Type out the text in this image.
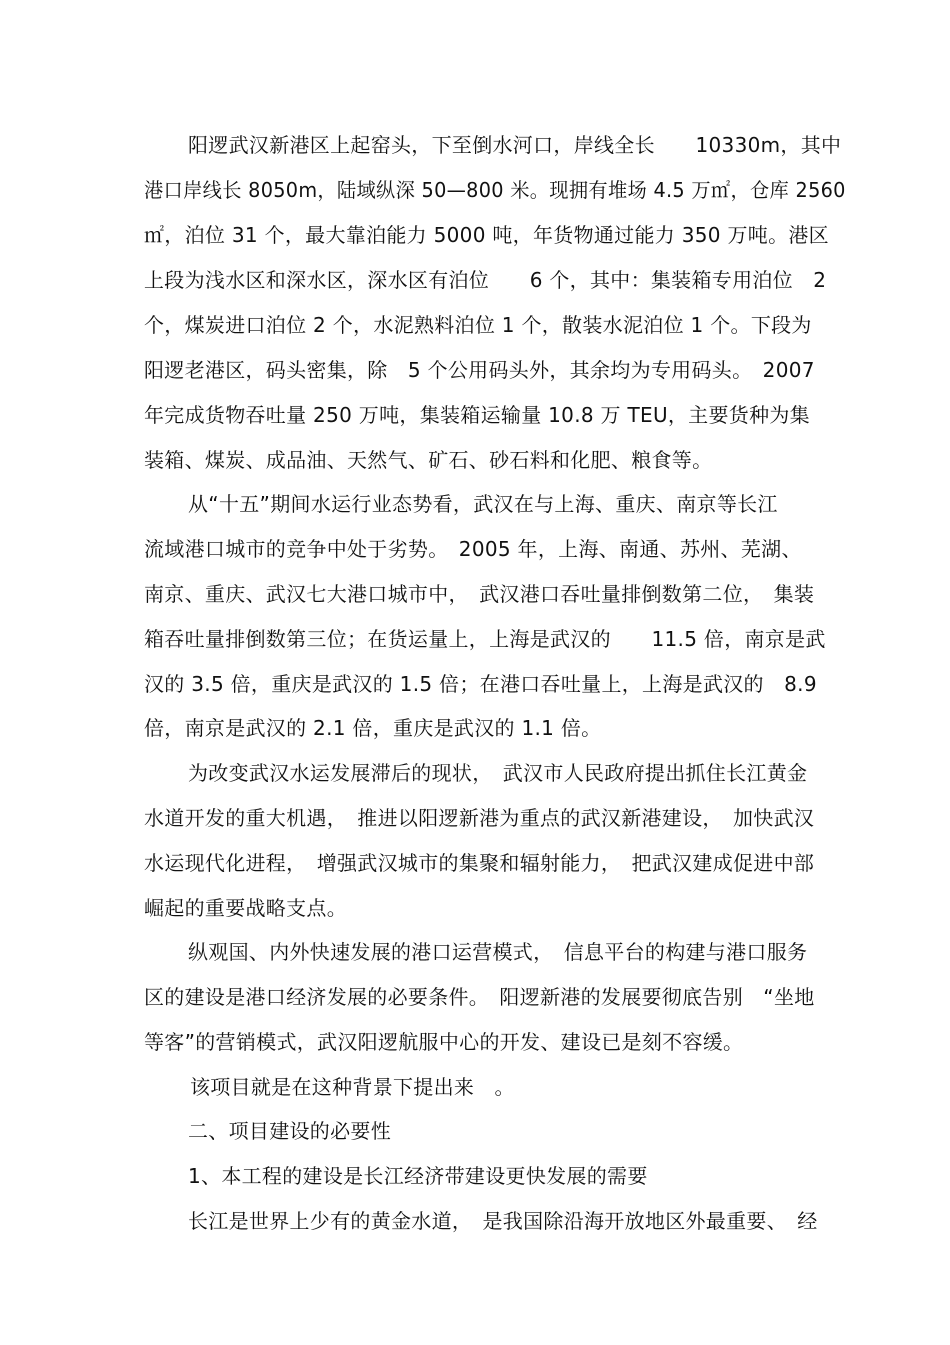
阳逻武汉新港区上起窑头，下至倒水河口，岸线全长　　10330m，其中
港口岸线长 8050m，陆域纵深 50—800 米。现拥有堆场 4.5 万㎡，仓库 2560
㎡，泊位 31 个，最大靠泊能力 5000 吨，年货物通过能力 350 万吨。港区
上段为浅水区和深水区，深水区有泊位　　6 个，其中：集装箱专用泊位　2
个，煤炭进口泊位 2 个，水泥熟料泊位 1 个，散装水泥泊位 1 个。下段为
阳逻老港区，码头密集，除　5 个公用码头外，其余均为专用码头。　2007
年完成货物吞吐量 250 万吨，集装箱运输量 10.8 万 TEU，主要货种为集
装箱、煤炭、成品油、天然气、矿石、砂石料和化肥、粮食等。
从“十五”期间水运行业态势看，武汉在与上海、重庆、南京等长江
流域港口城市的竞争中处于劣势。　2005 年，上海、南通、苏州、芜湖、
南京、重庆、武汉七大港口城市中，　武汉港口吞吐量排倒数第二位，　集装
箱吞吐量排倒数第三位；在货运量上，上海是武汉的　　11.5 倍，南京是武
汉的 3.5 倍，重庆是武汉的 1.5 倍；在港口吞吐量上，上海是武汉的　8.9
倍，南京是武汉的 2.1 倍，重庆是武汉的 1.1 倍。
为改变武汉水运发展滞后的现状，　武汉市人民政府提出抓住长江黄金
水道开发的重大机遇，　推进以阳逻新港为重点的武汉新港建设，　加快武汉
水运现代化进程，　增强武汉城市的集聚和辐射能力，　把武汉建成促进中部
崛起的重要战略支点。
纵观国、内外快速发展的港口运营模式，　信息平台的构建与港口服务
区的建设是港口经济发展的必要条件。　阳逻新港的发展要彻底告别　“坐地
等客”的营销模式，武汉阳逻航服中心的开发、建设已是刻不容缓。
该项目就是在这种背景下提出来　。
二、项目建设的必要性
1、本工程的建设是长江经济带建设更快发展的需要
长江是世界上少有的黄金水道，　是我国除沿海开放地区外最重要、　经
